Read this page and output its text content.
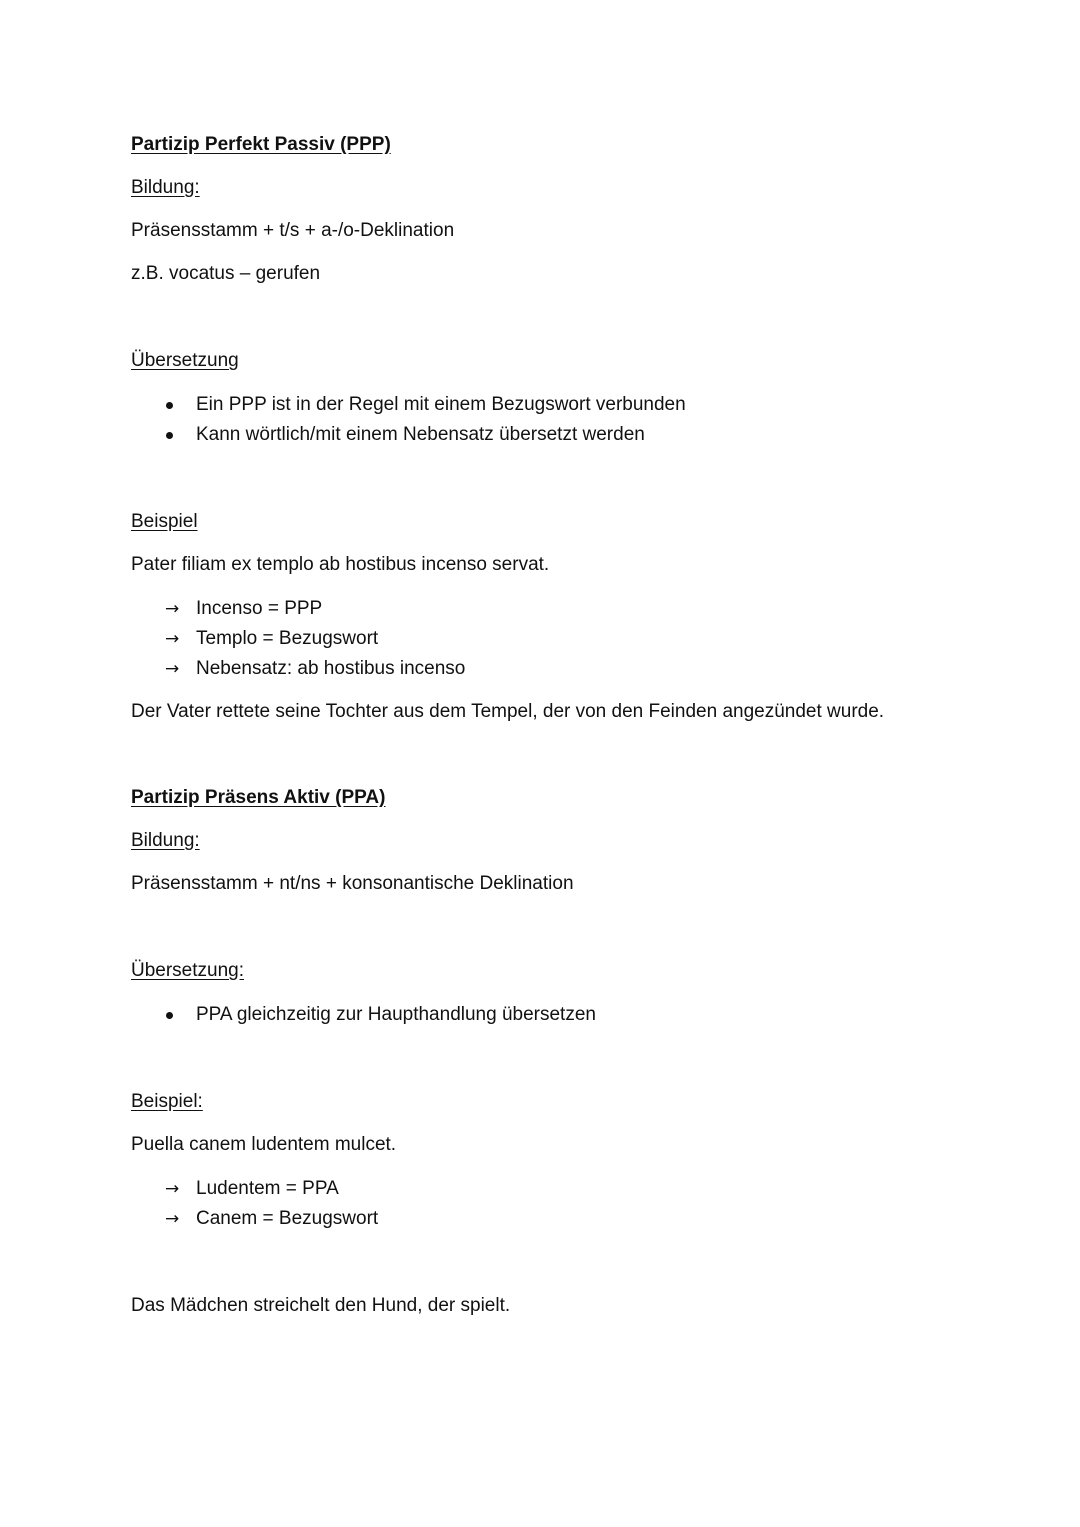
Partizip Perfekt Passiv (PPP)
Bildung:
Präsensstamm + t/s + a-/o-Deklination
z.B. vocatus – gerufen
Übersetzung
Ein PPP ist in der Regel mit einem Bezugswort verbunden
Kann wörtlich/mit einem Nebensatz übersetzt werden
Beispiel
Pater filiam ex templo ab hostibus incenso servat.
→ Incenso = PPP
→ Templo = Bezugswort
→ Nebensatz: ab hostibus incenso
Der Vater rettete seine Tochter aus dem Tempel, der von den Feinden angezündet wurde.
Partizip Präsens Aktiv (PPA)
Bildung:
Präsensstamm + nt/ns + konsonantische Deklination
Übersetzung:
PPA gleichzeitig zur Haupthandlung übersetzen
Beispiel:
Puella canem ludentem mulcet.
→ Ludentem = PPA
→ Canem = Bezugswort
Das Mädchen streichelt den Hund, der spielt.
